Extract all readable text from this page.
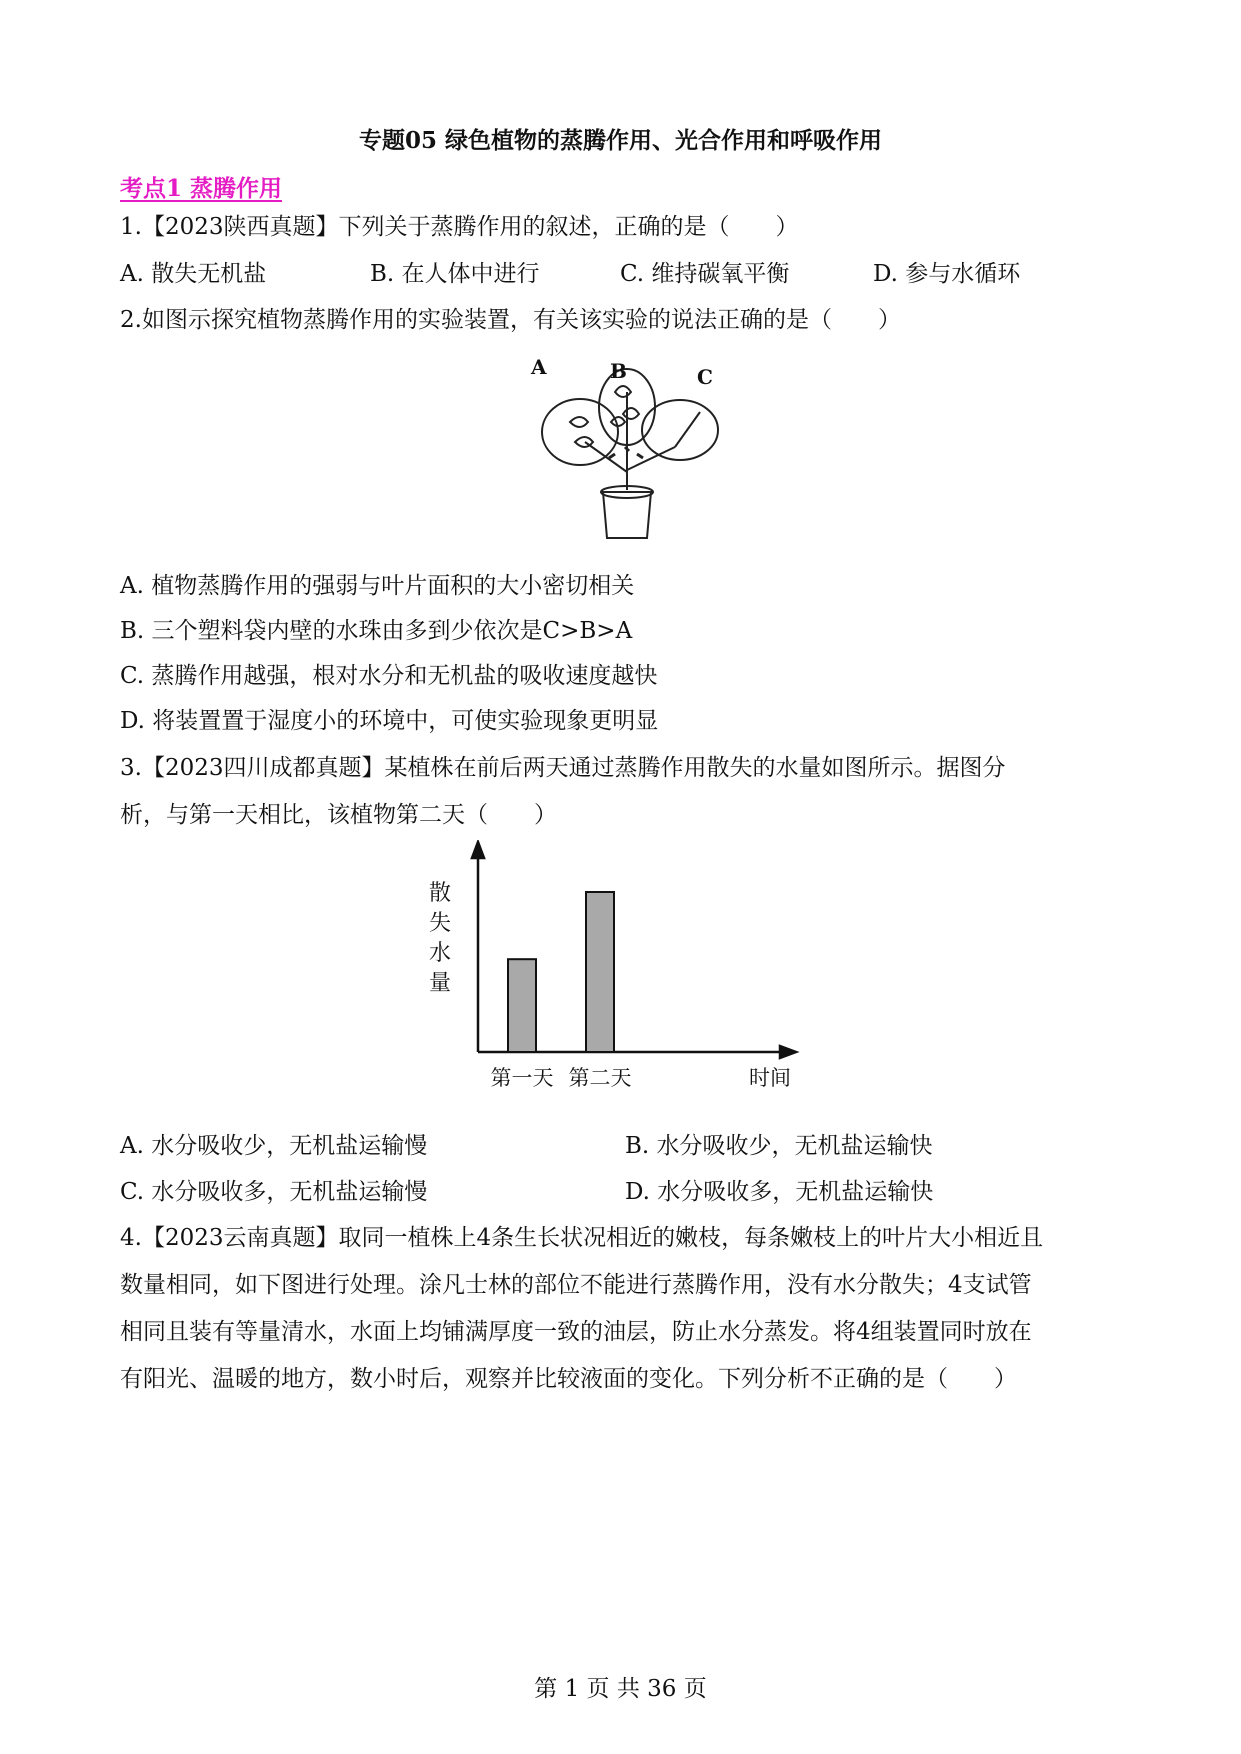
专题05 绿色植物的蒸腾作用、光合作用和呼吸作用
考点1 蒸腾作用
1.【2023陕西真题】下列关于蒸腾作用的叙述，正确的是（　　）
A. 散失无机盐	B. 在人体中进行	C. 维持碳氧平衡	D. 参与水循环
2.如图示探究植物蒸腾作用的实验装置，有关该实验的说法正确的是（　　）
A	C
B
A. 植物蒸腾作用的强弱与叶片面积的大小密切相关
B. 三个塑料袋内壁的水珠由多到少依次是C>B>A
C. 蒸腾作用越强，根对水分和无机盐的吸收速度越快
D. 将装置置于湿度小的环境中，可使实验现象更明显
3.【2023四川成都真题】某植株在前后两天通过蒸腾作用散失的水量如图所示。据图分
析，与第一天相比，该植物第二天（　　）
散
失
水
量
第一天 第二天	时间
A. 水分吸收少，无机盐运输慢	B. 水分吸收少，无机盐运输快
C. 水分吸收多，无机盐运输慢	D. 水分吸收多，无机盐运输快
4.【2023云南真题】取同一植株上4条生长状况相近的嫩枝，每条嫩枝上的叶片大小相近且
数量相同，如下图进行处理。涂凡士林的部位不能进行蒸腾作用，没有水分散失；4支试管
相同且装有等量清水，水面上均铺满厚度一致的油层，防止水分蒸发。将4组装置同时放在
有阳光、温暖的地方，数小时后，观察并比较液面的变化。下列分析不正确的是（　　）
第 1 页 共 36 页
